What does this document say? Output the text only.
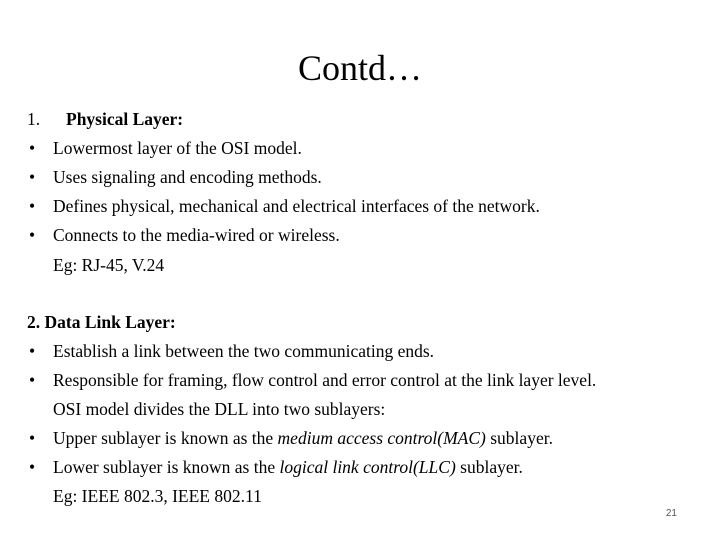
Contd…
1. Physical Layer:
• Lowermost layer of the OSI model.
• Uses signaling and encoding methods.
• Defines physical, mechanical and electrical interfaces of the network.
• Connects to the media-wired or wireless.
Eg: RJ-45, V.24
2. Data Link Layer:
• Establish a link between the two communicating ends.
• Responsible for framing, flow control and error control at the link layer level.
OSI model divides the DLL into two sublayers:
• Upper sublayer is known as the medium access control(MAC) sublayer.
• Lower sublayer is known as the logical link control(LLC) sublayer.
Eg: IEEE 802.3, IEEE 802.11
21
